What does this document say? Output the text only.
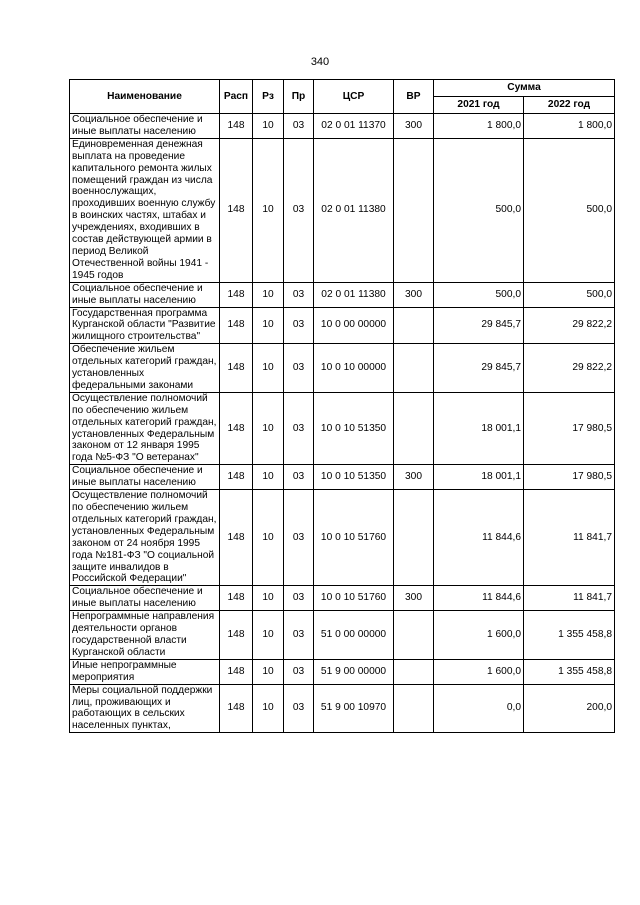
340
Наименование	Расп	Рз	Пр	ЦСР	ВР	Сумма	
						2021 год	2022 год
Социальное обеспечение и иные выплаты населению	148	10	03	02 0 01 11370	300	1 800,0	1 800,0
Единовременная денежная выплата на проведение капитального ремонта жилых помещений граждан из числа военнослужащих, проходивших военную службу в воинских частях, штабах и учреждениях, входивших в состав действующей армии в период Великой Отечественной войны 1941 - 1945 годов	148	10	03	02 0 01 11380		500,0	500,0
Социальное обеспечение и иные выплаты населению	148	10	03	02 0 01 11380	300	500,0	500,0
Государственная программа Курганской области "Развитие жилищного строительства"	148	10	03	10 0 00 00000		29 845,7	29 822,2
Обеспечение жильем отдельных категорий граждан, установленных федеральными законами	148	10	03	10 0 10 00000		29 845,7	29 822,2
Осуществление полномочий по обеспечению жильем отдельных категорий граждан, установленных Федеральным законом от 12 января 1995 года №5-ФЗ "О ветеранах"	148	10	03	10 0 10 51350		18 001,1	17 980,5
Социальное обеспечение и иные выплаты населению	148	10	03	10 0 10 51350	300	18 001,1	17 980,5
Осуществление полномочий по обеспечению жильем отдельных категорий граждан, установленных Федеральным законом от 24 ноября 1995 года №181-ФЗ "О социальной защите инвалидов в Российской Федерации"	148	10	03	10 0 10 51760		11 844,6	11 841,7
Социальное обеспечение и иные выплаты населению	148	10	03	10 0 10 51760	300	11 844,6	11 841,7
Непрограммные направления деятельности органов государственной власти Курганской области	148	10	03	51 0 00 00000		1 600,0	1 355 458,8
Иные непрограммные мероприятия	148	10	03	51 9 00 00000		1 600,0	1 355 458,8
Меры социальной поддержки лиц, проживающих и работающих в сельских населенных пунктах,	148	10	03	51 9 00 10970		0,0	200,0
